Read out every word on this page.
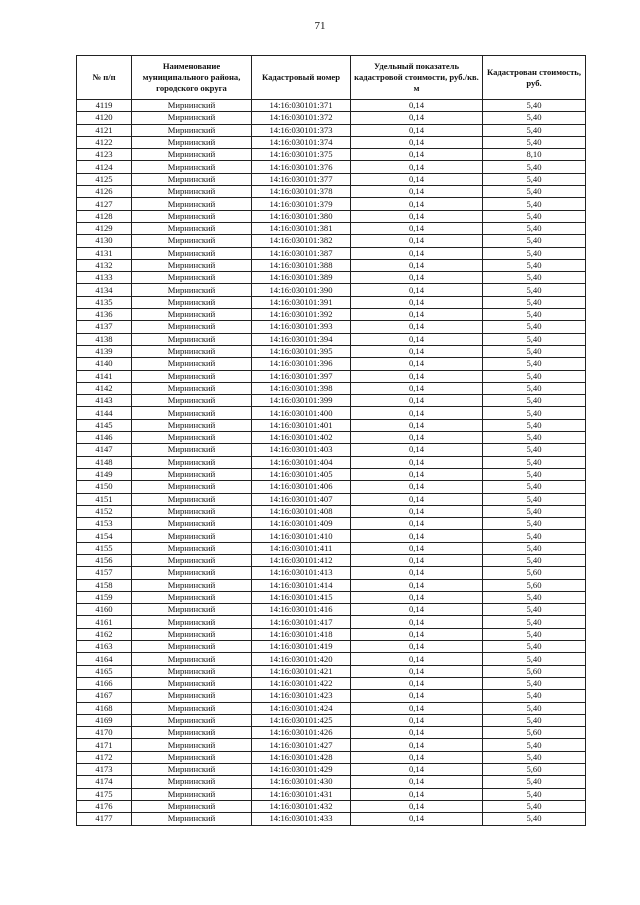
71
№ п/п	Наименование муниципального района, городского округа	Кадастровый номер	Удельный показатель кадастровой стоимости, руб./кв. м	Кадастрован стоимость, руб.
4119	Мирнинский	14:16:030101:371	0,14	5,40
4120	Мирнинский	14:16:030101:372	0,14	5,40
4121	Мирнинский	14:16:030101:373	0,14	5,40
4122	Мирнинский	14:16:030101:374	0,14	5,40
4123	Мирнинский	14:16:030101:375	0,14	8,10
4124	Мирнинский	14:16:030101:376	0,14	5,40
4125	Мирнинский	14:16:030101:377	0,14	5,40
4126	Мирнинский	14:16:030101:378	0,14	5,40
4127	Мирнинский	14:16:030101:379	0,14	5,40
4128	Мирнинский	14:16:030101:380	0,14	5,40
4129	Мирнинский	14:16:030101:381	0,14	5,40
4130	Мирнинский	14:16:030101:382	0,14	5,40
4131	Мирнинский	14:16:030101:387	0,14	5,40
4132	Мирнинский	14:16:030101:388	0,14	5,40
4133	Мирнинский	14:16:030101:389	0,14	5,40
4134	Мирнинский	14:16:030101:390	0,14	5,40
4135	Мирнинский	14:16:030101:391	0,14	5,40
4136	Мирнинский	14:16:030101:392	0,14	5,40
4137	Мирнинский	14:16:030101:393	0,14	5,40
4138	Мирнинский	14:16:030101:394	0,14	5,40
4139	Мирнинский	14:16:030101:395	0,14	5,40
4140	Мирнинский	14:16:030101:396	0,14	5,40
4141	Мирнинский	14:16:030101:397	0,14	5,40
4142	Мирнинский	14:16:030101:398	0,14	5,40
4143	Мирнинский	14:16:030101:399	0,14	5,40
4144	Мирнинский	14:16:030101:400	0,14	5,40
4145	Мирнинский	14:16:030101:401	0,14	5,40
4146	Мирнинский	14:16:030101:402	0,14	5,40
4147	Мирнинский	14:16:030101:403	0,14	5,40
4148	Мирнинский	14:16:030101:404	0,14	5,40
4149	Мирнинский	14:16:030101:405	0,14	5,40
4150	Мирнинский	14:16:030101:406	0,14	5,40
4151	Мирнинский	14:16:030101:407	0,14	5,40
4152	Мирнинский	14:16:030101:408	0,14	5,40
4153	Мирнинский	14:16:030101:409	0,14	5,40
4154	Мирнинский	14:16:030101:410	0,14	5,40
4155	Мирнинский	14:16:030101:411	0,14	5,40
4156	Мирнинский	14:16:030101:412	0,14	5,40
4157	Мирнинский	14:16:030101:413	0,14	5,60
4158	Мирнинский	14:16:030101:414	0,14	5,60
4159	Мирнинский	14:16:030101:415	0,14	5,40
4160	Мирнинский	14:16:030101:416	0,14	5,40
4161	Мирнинский	14:16:030101:417	0,14	5,40
4162	Мирнинский	14:16:030101:418	0,14	5,40
4163	Мирнинский	14:16:030101:419	0,14	5,40
4164	Мирнинский	14:16:030101:420	0,14	5,40
4165	Мирнинский	14:16:030101:421	0,14	5,60
4166	Мирнинский	14:16:030101:422	0,14	5,40
4167	Мирнинский	14:16:030101:423	0,14	5,40
4168	Мирнинский	14:16:030101:424	0,14	5,40
4169	Мирнинский	14:16:030101:425	0,14	5,40
4170	Мирнинский	14:16:030101:426	0,14	5,60
4171	Мирнинский	14:16:030101:427	0,14	5,40
4172	Мирнинский	14:16:030101:428	0,14	5,40
4173	Мирнинский	14:16:030101:429	0,14	5,60
4174	Мирнинский	14:16:030101:430	0,14	5,40
4175	Мирнинский	14:16:030101:431	0,14	5,40
4176	Мирнинский	14:16:030101:432	0,14	5,40
4177	Мирнинский	14:16:030101:433	0,14	5,40
